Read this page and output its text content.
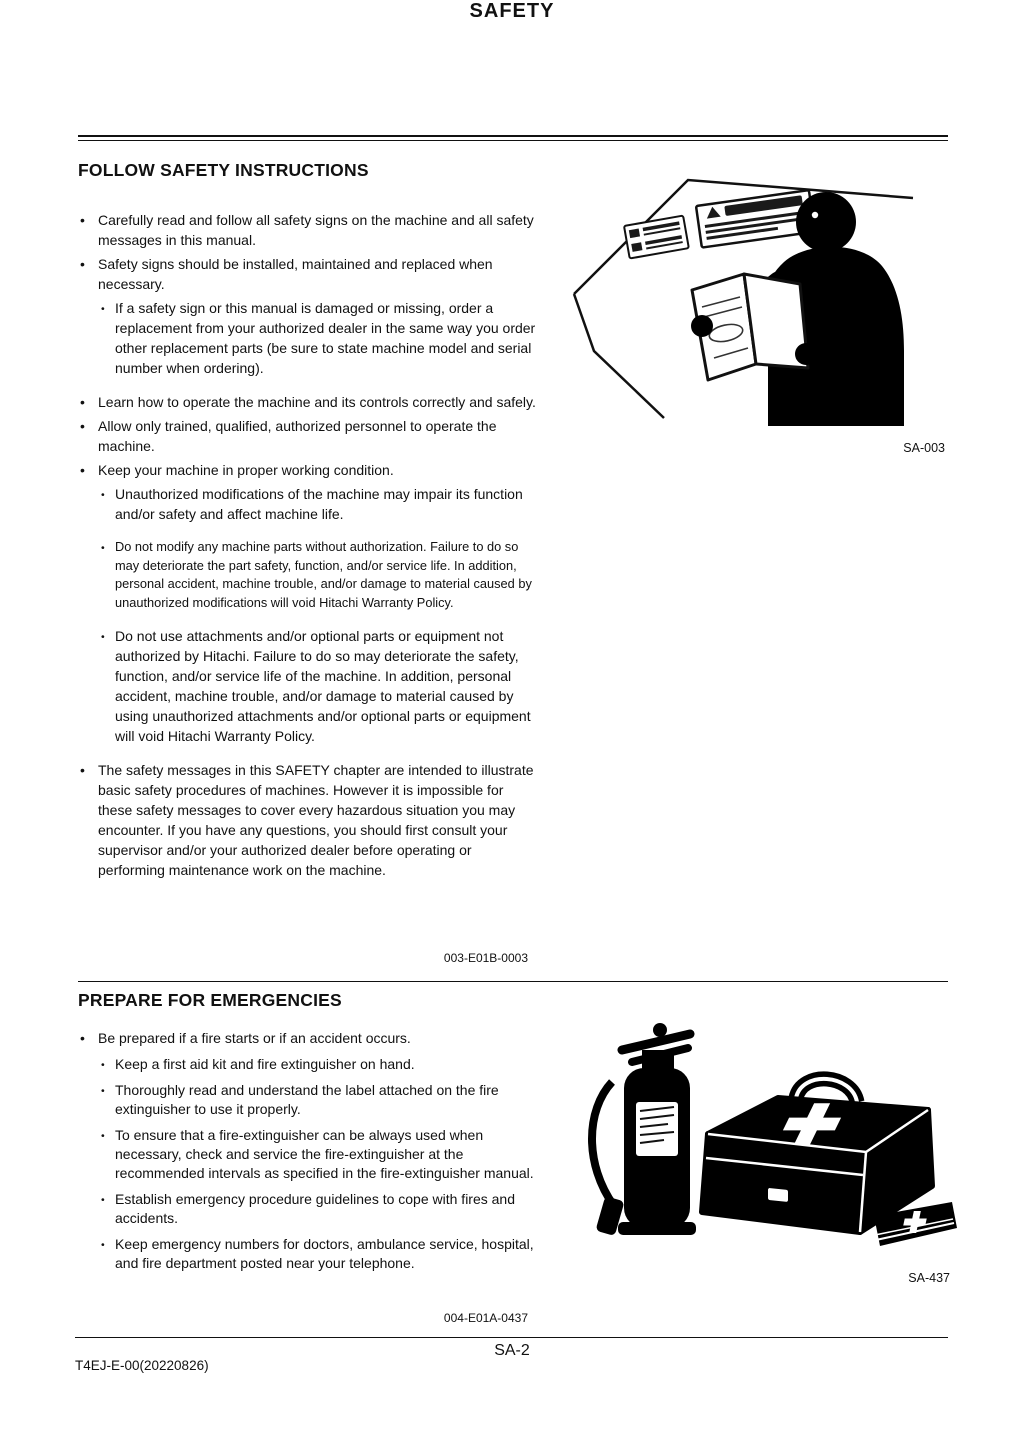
SAFETY
FOLLOW SAFETY INSTRUCTIONS
• Carefully read and follow all safety signs on the machine and all safety messages in this manual.
• Safety signs should be installed, maintained and replaced when necessary.
• If a safety sign or this manual is damaged or missing, order a replacement from your authorized dealer in the same way you order other replacement parts (be sure to state machine model and serial number when ordering).
• Learn how to operate the machine and its controls correctly and safely.
• Allow only trained, qualified, authorized personnel to operate the machine.
• Keep your machine in proper working condition.
• Unauthorized modifications of the machine may impair its function and/or safety and affect machine life.
• Do not modify any machine parts without authorization. Failure to do so may deteriorate the part safety, function, and/or service life. In addition, personal accident, machine trouble, and/or damage to material caused by unauthorized modifications will void Hitachi Warranty Policy.
• Do not use attachments and/or optional parts or equipment not authorized by Hitachi. Failure to do so may deteriorate the safety, function, and/or service life of the machine. In addition, personal accident, machine trouble, and/or damage to material caused by using unauthorized attachments and/or optional parts or equipment will void Hitachi Warranty Policy.
• The safety messages in this SAFETY chapter are intended to illustrate basic safety procedures of machines. However it is impossible for these safety messages to cover every hazardous situation you may encounter. If you have any questions, you should first consult your supervisor and/or your authorized dealer before operating or performing maintenance work on the machine.
SA-003
003-E01B-0003
PREPARE FOR EMERGENCIES
• Be prepared if a fire starts or if an accident occurs.
• Keep a first aid kit and fire extinguisher on hand.
• Thoroughly read and understand the label attached on the fire extinguisher to use it properly.
• To ensure that a fire-extinguisher can be always used when necessary, check and service the fire-extinguisher at the recommended intervals as specified in the fire-extinguisher manual.
• Establish emergency procedure guidelines to cope with fires and accidents.
• Keep emergency numbers for doctors, ambulance service, hospital, and fire department posted near your telephone.
SA-437
004-E01A-0437
SA-2
T4EJ-E-00(20220826)
